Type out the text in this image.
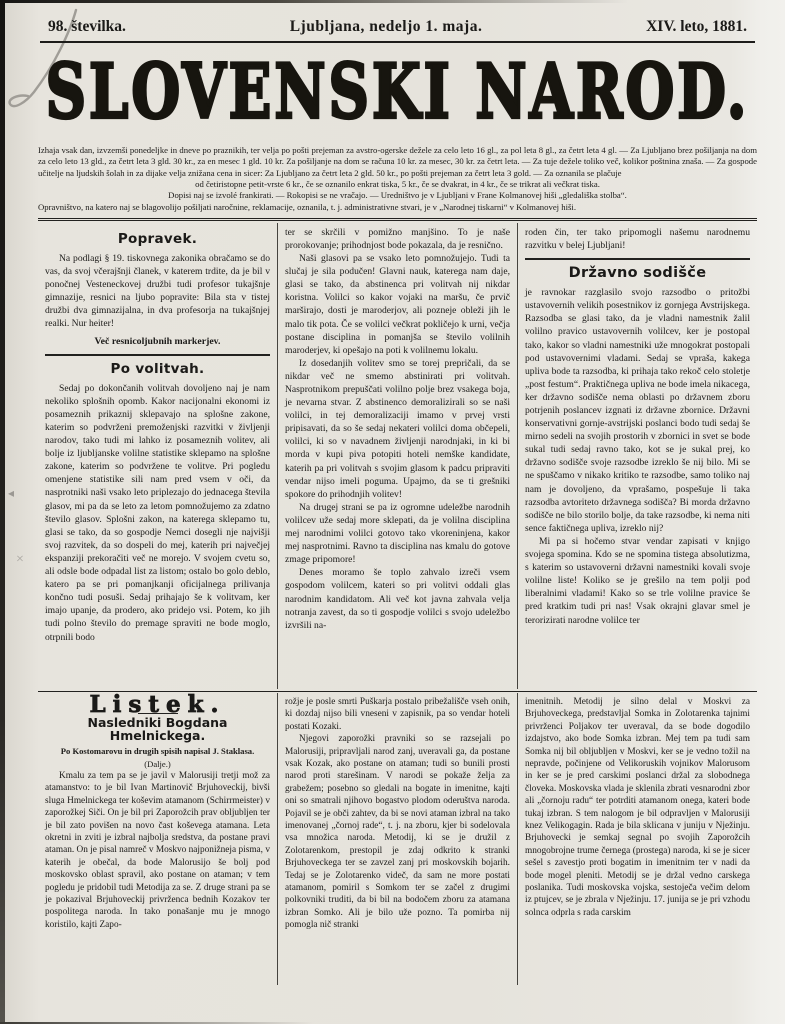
×
◂
98. številka.	Ljubljana, nedeljo 1. maja.	XIV. leto, 1881.
SLOVENSKI NAROD.

Izhaja vsak dan, izvzemši ponedeljke in dneve po praznikih, ter velja po pošti prejeman za avstro-ogerske dežele za celo leto 16 gl., za pol leta 8 gl., za četrt leta 4 gl. — Za Ljubljano brez pošiljanja na dom za celo leto 13 gld., za četrt leta 3 gld. 30 kr., za en mesec 1 gld. 10 kr. Za pošiljanje na dom se računa 10 kr. za mesec, 30 kr. za četrt leta. — Za tuje dežele toliko več, kolikor poštnina znaša. — Za gospode učitelje na ljudskih šolah in za dijake velja znižana cena in sicer: Za Ljubljano za četrt leta 2 gld. 50 kr., po pošti prejeman za četrt leta 3 gold. — Za oznanila se plačuje

od četiristopne petit-vrste 6 kr., če se oznanilo enkrat tiska, 5 kr., če se dvakrat, in 4 kr., če se trikrat ali večkrat tiska.

Dopisi naj se izvolé frankirati. — Rokopisi se ne vračajo. — Uredništvo je v Ljubljani v Frane Kolmanovej hiši „gledališka stolba“.

Opravništvo, na katero naj se blagovolijo pošiljati naročnine, reklamacije, oznanila, t. j. administrativne stvari, je v „Narodnej tiskarni“ v Kolmanovej hiši.

Popravek.

Na podlagi § 19. tiskovnega zakonika obračamo se do vas, da svoj včerajšnji članek, v katerem trdite, da je bil v ponočnej Vesteneckovej družbi tudi profesor tukajšnje gimnazije, resnici na ljubo popravite: Bila sta v tistej družbi dva gimnazijalna, in dva profesorja na tukajšnjej realki. Nur heiter!

Več resnicoljubnih markerjev.
Po volitvah.

Sedaj po dokončanih volitvah dovoljeno naj je nam nekoliko splošnih opomb. Kakor nacijonalni ekonomi iz posameznih prikaznij sklepavajo na splošne zakone, katerim so podvrženi premoženjski razvitki v življenji narodov, tako tudi mi lahko iz posameznih volitev, ali bolje iz ljubljanske volilne statistike sklepamo na splošne zakone, katerim so podvržene te volitve. Pri pogledu omenjene statistike sili nam pred vsem v oči, da nasprotniki naši vsako leto priplezajo do jednacega števila glasov, mi pa da se leto za letom pomnožujemo za zdatno število glasov. Splošni zakon, na katerega sklepamo tu, glasi se tako, da so gospodje Nemci dosegli nje najvišji svoj razvitek, da so dospeli do mej, katerih pri največjej ekspanziji prekoračiti več ne morejo. V svojem cvetu so, ali odsle bode odpadal list za listom; ostalo bo golo deblo, katero pa se pri pomanjkanji oficijalnega prilivanja končno tudi posuši. Sedaj prihajajo še k volitvam, ker imajo upanje, da prodero, ako pridejo vsi. Potem, ko jih tudi polno število do premage spraviti ne bode moglo, otrpnili bodo

ter se skrčili v pomižno manjšino. To je naše prorokovanje; prihodnjost bode pokazala, da je resnično.

Naši glasovi pa se vsako leto pomnožujejo. Tudi ta slučaj je sila podučen! Glavni nauk, katerega nam daje, glasi se tako, da abstinenca pri volitvah nij nikdar koristna. Volilci so kakor vojaki na maršu, če prvič marširajo, dosti je maroderjov, ali pozneje obleži jih le malo tik pota. Če se volilci večkrat pokličejo k urni, večja postane disciplina in pomanjša se število volilnih maroderjev, ki opešajo na poti k volilnemu lokalu.

Iz dosedanjih volitev smo se torej prepričali, da se nikdar več ne smemo abstinirati pri volitvah. Nasprotnikom prepuščati volilno polje brez vsakega boja, je nevarna stvar. Z abstinenco demoralizirali so se naši volilci, in tej demoralizaciji imamo v prvej vrsti pripisavati, da so še sedaj nekateri volilci doma občepeli, volilci, ki so v navadnem življenji narodnjaki, in ki bi morda v kupi piva potopiti hoteli nemške kandidate, katerih pa pri volitvah s svojim glasom k padcu pripraviti vendar nijso imeli poguma. Upajmo, da se ti grešniki spokore do prihodnjih volitev!

Na drugej strani se pa iz ogromne udeležbe narodnih volilcev uže sedaj more sklepati, da je volilna disciplina mej narodnimi volilci gotovo tako vkoreninjena, kakor mej nasprotnimi. Ravno ta disciplina nas kmalu do gotove zmage pripomore!

Denes moramo še toplo zahvalo izreči vsem gospodom volilcem, kateri so pri volitvi oddali glas narodnim kandidatom. Ali več kot javna zahvala velja notranja zavest, da so ti gospodje volilci s svojo udeležbo izvršili na-

roden čin, ter tako pripomogli našemu narodnemu razvitku v belej Ljubljani!

Državno sodišče

je ravnokar razglasilo svojo razsodbo o pritožbi ustavovernih velikih posestnikov iz gornjega Avstrijskega. Razsodba se glasi tako, da je vladni namestnik žalil volilno pravico ustavovernih volilcev, ker je postopal tako, kakor so vladni namestniki uže mnogokrat postopali pod ustavovernimi vladami. Sedaj se vpraša, kakega upliva bode ta razsodba, ki prihaja tako rekoč celo stoletje „post festum“. Praktičnega upliva ne bode imela nikacega, ker državno sodišče nema oblasti po državnem zboru potrjenih poslancev izgnati iz državne zbornice. Državni konservativni gornje-avstrijski poslanci bodo tudi sedaj še mirno sedeli na svojih prostorih v zbornici in svet se bode sukal tudi sedaj ravno tako, kot se je sukal prej, ko državno sodišče svoje razsodbe izreklo še nij bilo. Mi se ne spuščamo v nikako kritiko te razsodbe, samo toliko naj nam je dovoljeno, da vprašamo, pospešuje li taka razsodba avtoriteto državnega sodišča? Bi morda državno sodišče ne bilo storilo bolje, da take razsodbe, ki nema niti sence faktičnega upliva, izreklo nij?

Mi pa si hočemo stvar vendar zapisati v knjigo svojega spomina. Kdo se ne spomina tistega absolutizma, s katerim so ustavoverni državni namestniki kovali svoje volilne liste! Koliko se je grešilo na tem polji pod liberalnimi vladami! Kako so se trle volilne pravice še pred kratkim tudi pri nas! Vsak okrajni glavar smel je terorizirati narodne volilce ter

Listek.
Nasledniki Bogdana Hmelnickega.

Po Kostomarovu in drugih spisih napisal J. Staklasa.

(Dalje.)

Kmalu za tem pa se je javil v Malorusiji tretji mož za atamanstvo: to je bil Ivan Martinovič Brjuhoveckij, bivši sluga Hmelnickega ter koševim atamanom (Schirrmeister) v zaporožkej Siči. On je bil pri Zaporožcih prav obljubljen ter je bil zato povišen na novo čast koševega atamana. Leta okretni in zviti je izbral najbolja sredstva, da postane pravi ataman. On je pisal namreč v Moskvo najponižneja pisma, v katerih je obečal, da bode Malorusijo še bolj pod moskovsko oblast spravil, ako postane on ataman; v tem pogledu je pridobil tudi Metodija za se. Z druge strani pa se je pokazival Brjuhoveckij privrženca bednih Kozakov ter pospolitega naroda. In tako ponašanje mu je mnogo koristilo, kajti Zapo-

rožje je posle smrti Puškarja postalo pribežališče vseh onih, ki dozdaj nijso bili vneseni v zapisnik, pa so vendar hoteli postati Kozaki.

Njegovi zaporožki pravniki so se razsejali po Malorusiji, pripravljali narod zanj, uveravali ga, da postane vsak Kozak, ako postane on ataman; tudi so bunili prosti narod proti starešinam. V narodi se pokaže želja za grabežem; posebno so gledali na bogate in imenitne, kajti oni so smatrali njihovo bogastvo plodom oderuštva naroda. Pojavil se je obči zahtev, da bi se novi ataman izbral na tako imenovanej „čornoj rade“, t. j. na zboru, kjer bi sodelovala vsa množica naroda. Metodij, ki se je družil z Zolotarenkom, prestopil je zdaj odkrito k stranki Brjuhoveckega ter se zavzel zanj pri moskovskih bojarih. Tedaj se je Zolotarenko videč, da sam ne more postati atamanom, pomiril s Somkom ter se začel z drugimi polkovniki truditi, da bi bil na bodočem zboru za atamana izbran Somko. Ali je bilo uže pozno. Ta pomirba nij pomogla nič stranki

imenitnih. Metodij je silno delal v Moskvi za Brjuhoveckega, predstavljal Somka in Zolotarenka tajnimi privrženci Poljakov ter uveraval, da se bode dogodilo izdajstvo, ako bode Somka izbran. Mej tem pa tudi sam Somka nij bil obljubljen v Moskvi, ker se je vedno tožil na nepravde, počinjene od Velikoruskih vojnikov Malorusom in ker se je pred carskimi poslanci držal za slobodnega človeka. Moskovska vlada je sklenila zbrati vesnarodni zbor ali „čornoju radu“ ter potrditi atamanom onega, kateri bode tukaj izbran. S tem nalogom je bil odpravljen v Malorusiji knez Velikogagin. Rada je bila sklicana v juniju v Nježinju. Brjuhovecki je semkaj segnal po svojih Zaporožcih mnogobrojne trume černega (prostega) naroda, ki se je sicer sešel s zavestjo proti bogatim in imenitnim ter v nadi da bode mogel pleniti. Metodij se je držal vedno carskega poslanika. Tudi moskovska vojska, sestoječa večim delom iz ptujcev, se je zbrala v Nježinju. 17. junija se je pri vzhodu solnca odprla s rada carskim
